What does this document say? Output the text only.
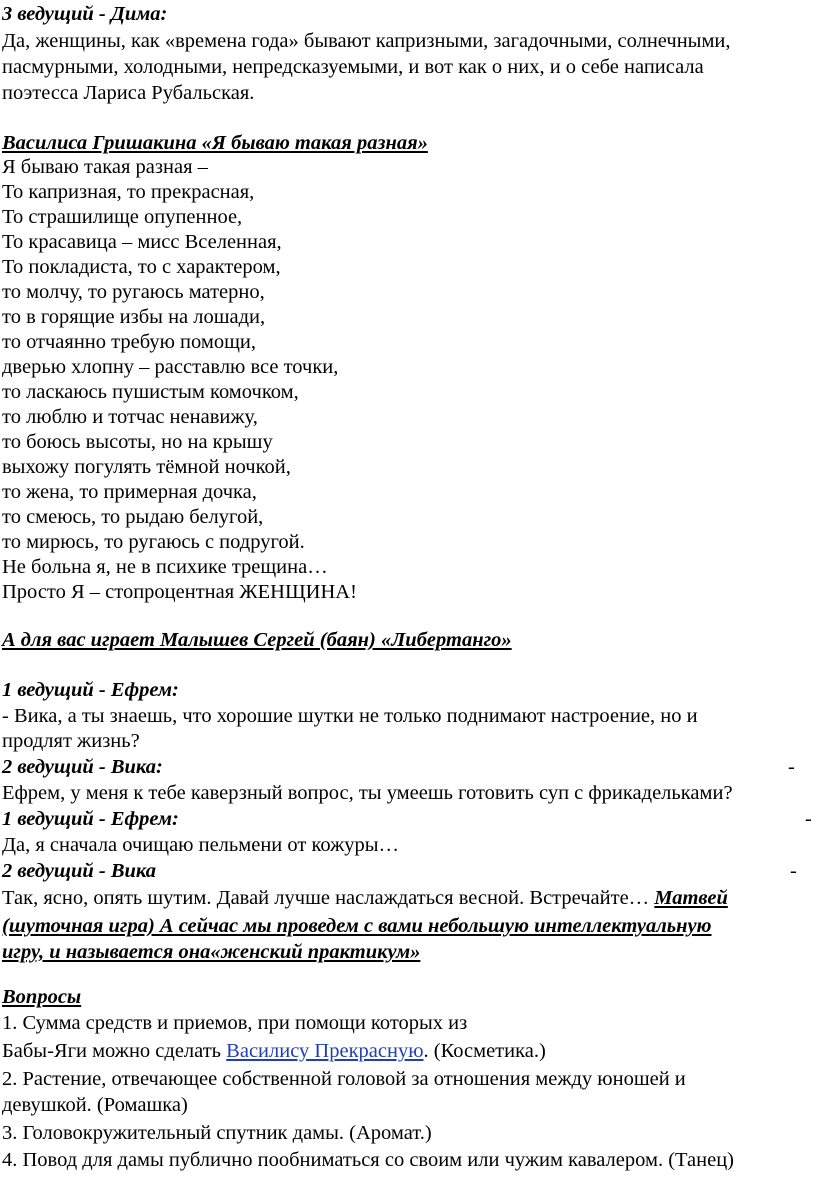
3 ведущий - Дима:
Да, женщины, как «времена года» бывают капризными, загадочными, солнечными,
пасмурными, холодными, непредсказуемыми, и вот как о них, и о себе написала
поэтесса Лариса Рубальская.
Василиса Гришакина «Я бываю такая разная»
Я бываю такая разная –
То капризная, то прекрасная,
То страшилище опупенное,
То красавица – мисс Вселенная,
То покладиста, то с характером,
то молчу, то ругаюсь матерно,
то в горящие избы на лошади,
то отчаянно требую помощи,
дверью хлопну – расставлю все точки,
то ласкаюсь пушистым комочком,
то люблю и тотчас ненавижу,
то боюсь высоты, но на крышу
выхожу погулять тёмной ночкой,
то жена, то примерная дочка,
то смеюсь, то рыдаю белугой,
то мирюсь, то ругаюсь с подругой.
Не больна я, не в психике трещина…
Просто Я – стопроцентная ЖЕНЩИНА!
А для вас играет Малышев Сергей (баян) «Либертанго»
1 ведущий - Ефрем:
- Вика, а ты знаешь, что хорошие шутки не только поднимают настроение, но и
продлят жизнь?
2 ведущий - Вика:	-
Ефрем, у меня к тебе каверзный вопрос, ты умеешь готовить суп с фрикадельками?
1 ведущий - Ефрем:	-
Да, я сначала очищаю пельмени от кожуры…
2 ведущий - Вика	-
Так, ясно, опять шутим. Давай лучше наслаждаться весной. Встречайте… Матвей
(шуточная игра) А сейчас мы проведем с вами небольшую интеллектуальную
игру, и называется она«женский практикум»
Вопросы
1. Сумма средств и приемов, при помощи которых из
Бабы-Яги можно сделать Василису Прекрасную. (Косметика.)
2. Растение, отвечающее собственной головой за отношения между юношей и
девушкой. (Ромашка)
3. Головокружительный спутник дамы. (Аромат.)
4. Повод для дамы публично пообниматься со своим или чужим кавалером. (Танец)
